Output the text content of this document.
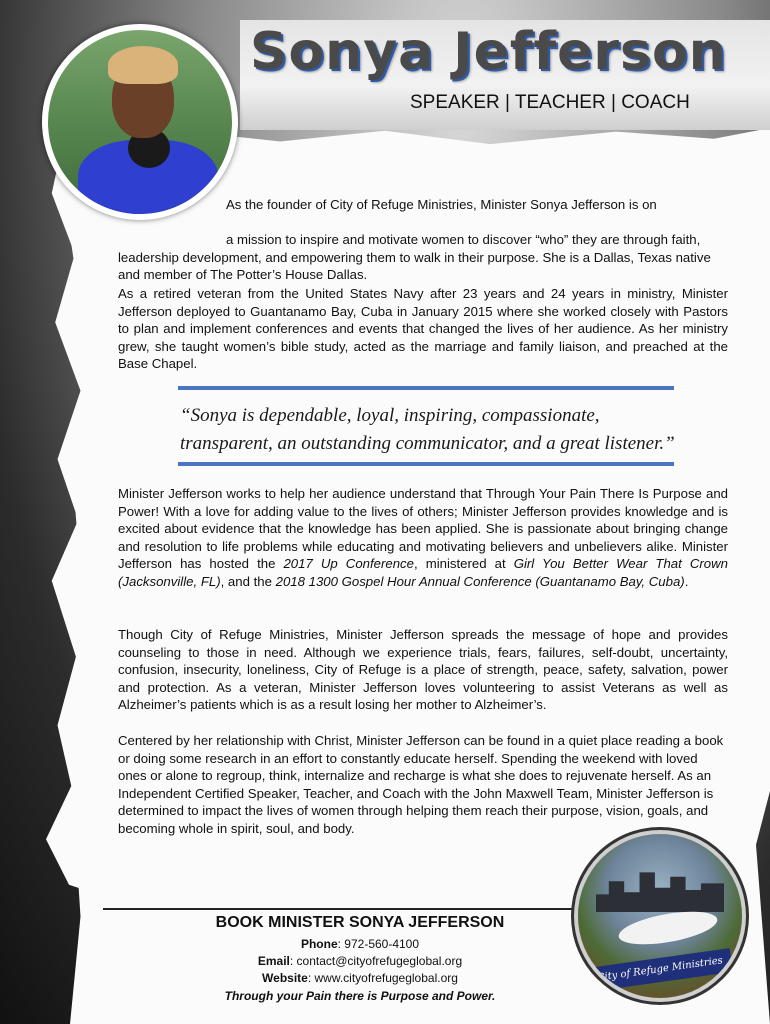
Sonya Jefferson
SPEAKER | TEACHER | COACH
As the founder of City of Refuge Ministries, Minister Sonya Jefferson is on
a mission to inspire and motivate women to discover “who” they are through faith, leadership development, and empowering them to walk in their purpose. She is a Dallas, Texas native and member of The Potter’s House Dallas.
As a retired veteran from the United States Navy after 23 years and 24 years in ministry, Minister Jefferson deployed to Guantanamo Bay, Cuba in January 2015 where she worked closely with Pastors to plan and implement conferences and events that changed the lives of her audience. As her ministry grew, she taught women’s bible study, acted as the marriage and family liaison, and preached at the Base Chapel.
“Sonya is dependable, loyal, inspiring, compassionate, transparent, an outstanding communicator, and a great listener.”
Minister Jefferson works to help her audience understand that Through Your Pain There Is Purpose and Power! With a love for adding value to the lives of others; Minister Jefferson provides knowledge and is excited about evidence that the knowledge has been applied. She is passionate about bringing change and resolution to life problems while educating and motivating believers and unbelievers alike. Minister Jefferson has hosted the 2017 Up Conference, ministered at Girl You Better Wear That Crown (Jacksonville, FL), and the 2018 1300 Gospel Hour Annual Conference (Guantanamo Bay, Cuba).
Though City of Refuge Ministries, Minister Jefferson spreads the message of hope and provides counseling to those in need. Although we experience trials, fears, failures, self-doubt, uncertainty, confusion, insecurity, loneliness, City of Refuge is a place of strength, peace, safety, salvation, power and protection. As a veteran, Minister Jefferson loves volunteering to assist Veterans as well as Alzheimer’s patients which is as a result losing her mother to Alzheimer’s.
Centered by her relationship with Christ, Minister Jefferson can be found in a quiet place reading a book or doing some research in an effort to constantly educate herself. Spending the weekend with loved ones or alone to regroup, think, internalize and recharge is what she does to rejuvenate herself. As an Independent Certified Speaker, Teacher, and Coach with the John Maxwell Team, Minister Jefferson is determined to impact the lives of women through helping them reach their purpose, vision, goals, and becoming whole in spirit, soul, and body.
BOOK MINISTER SONYA JEFFERSON
Phone: 972-560-4100
Email: contact@cityofrefugeglobal.org
Website: www.cityofrefugeglobal.org
Through your Pain there is Purpose and Power.
City of Refuge Ministries
